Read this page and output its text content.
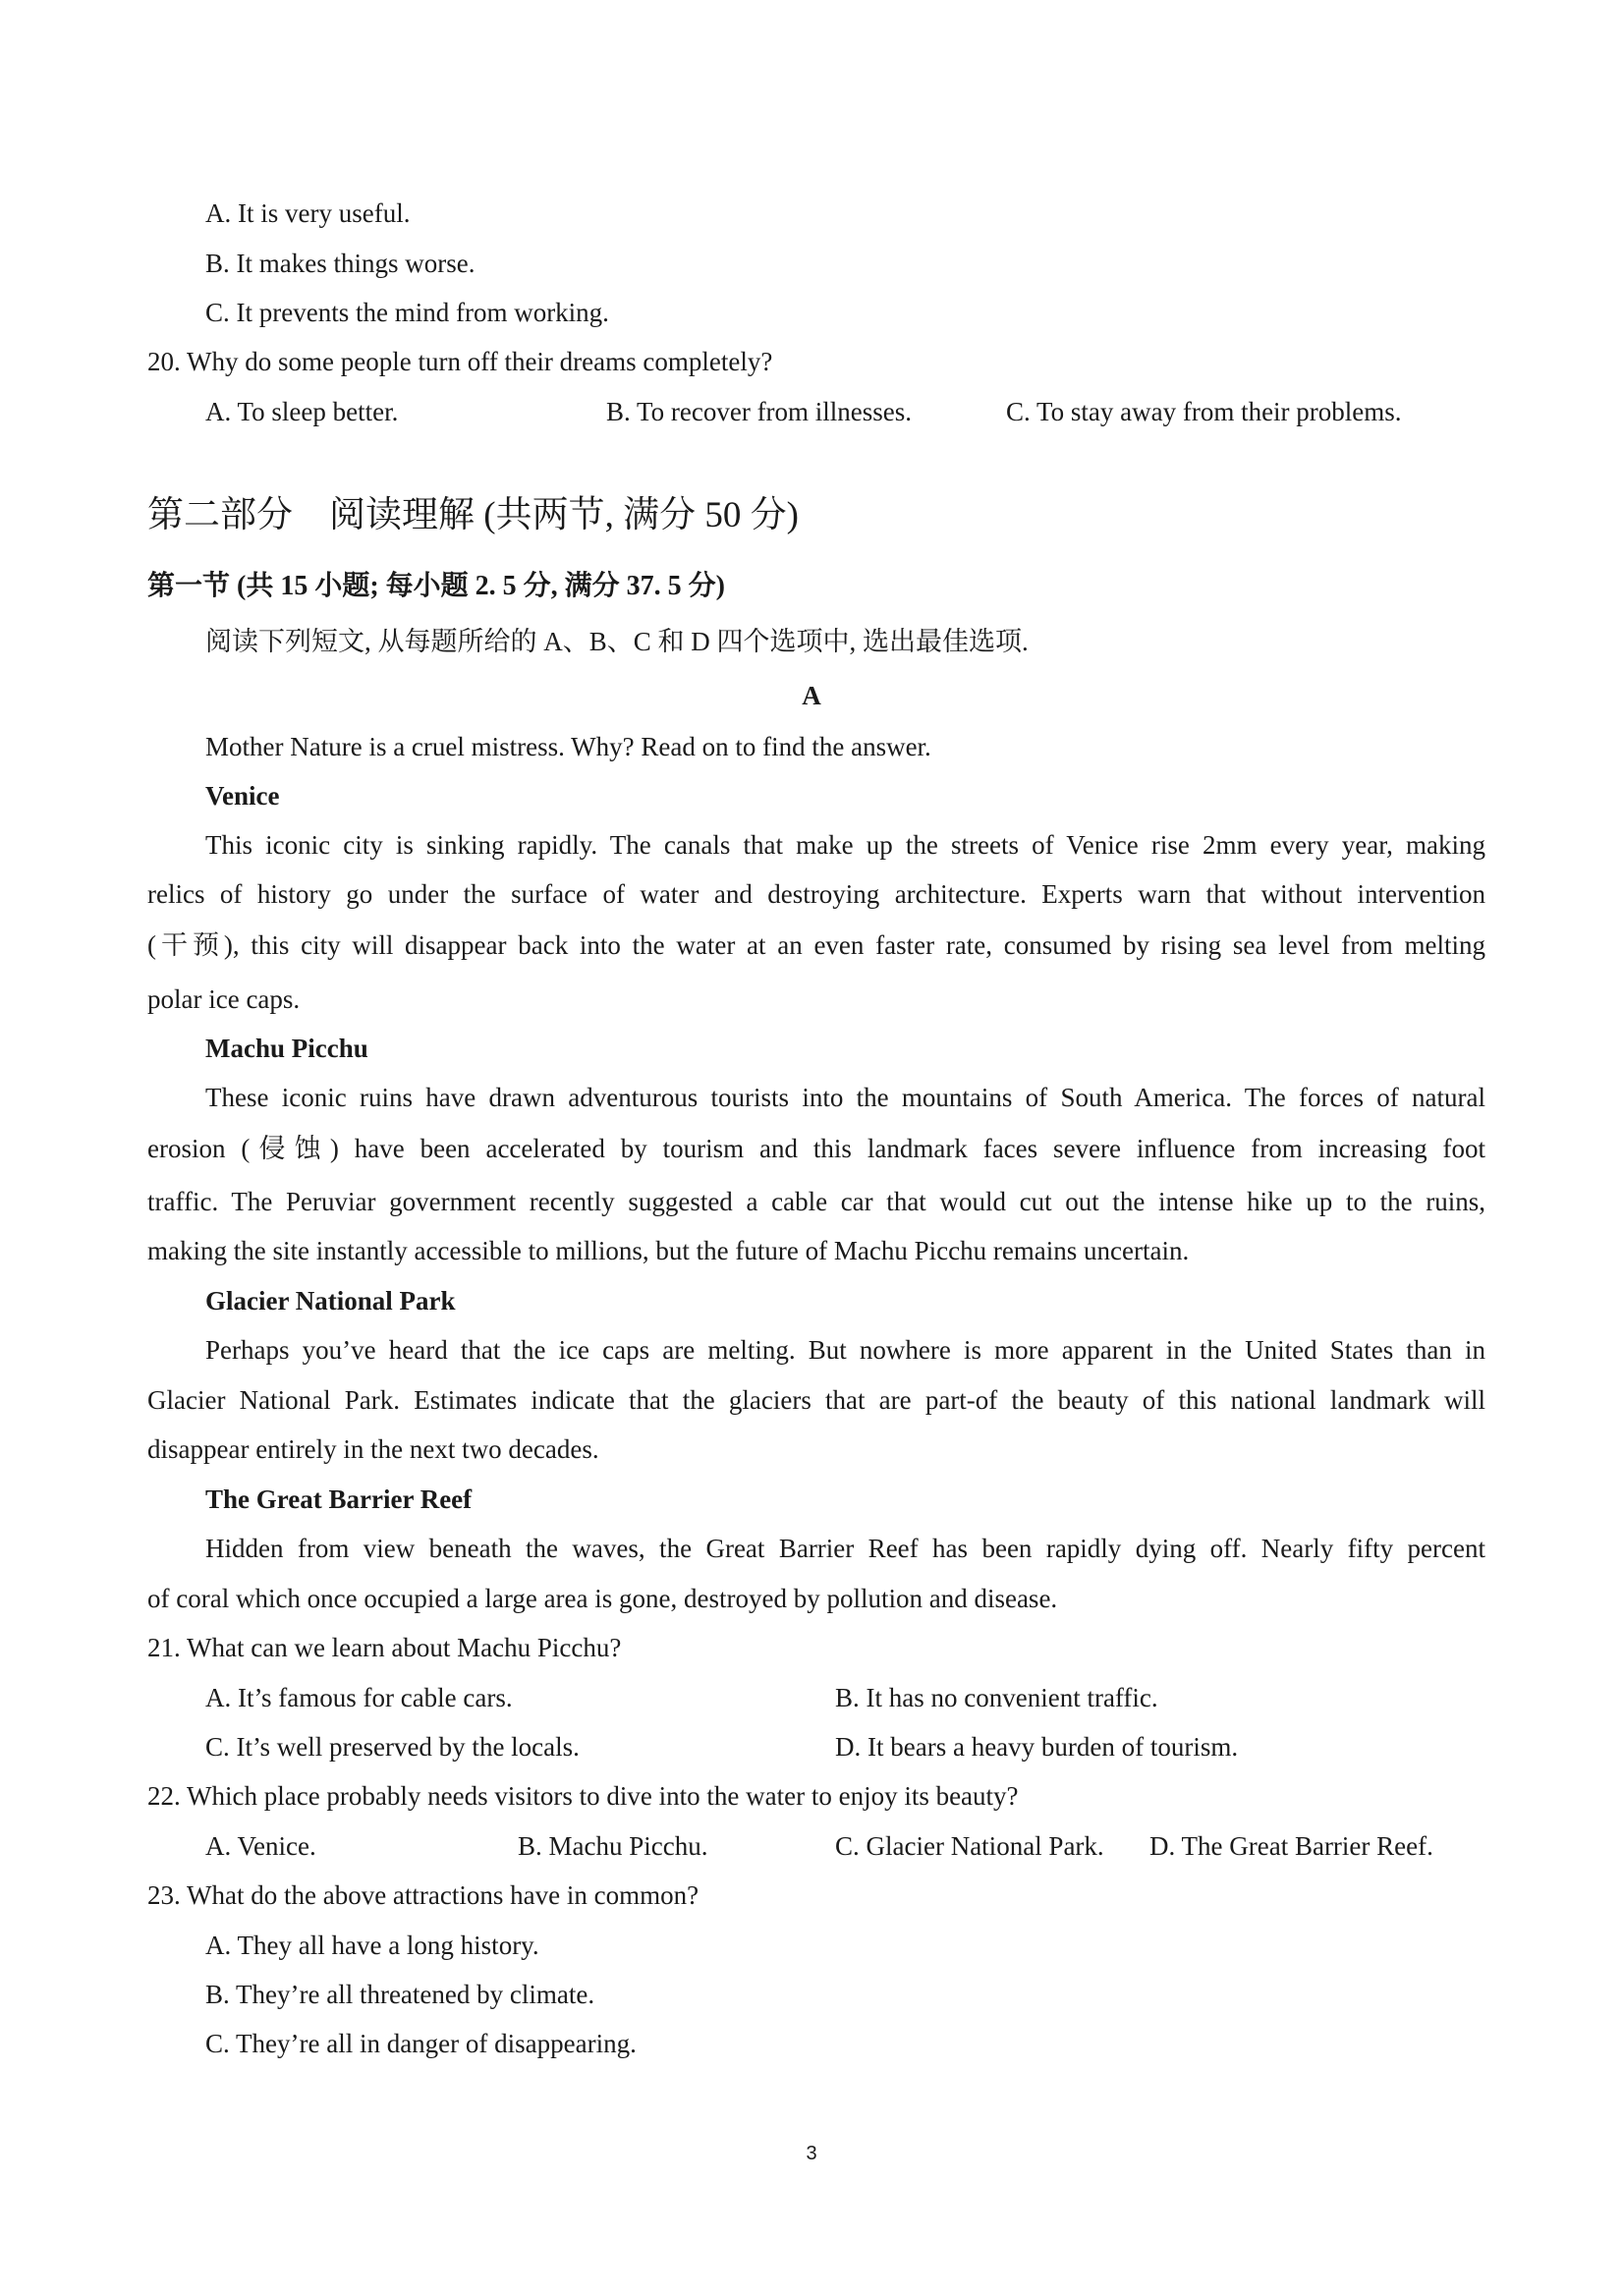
A. It is very useful.
B. It makes things worse.
C. It prevents the mind from working.
20. Why do some people turn off their dreams completely?
A. To sleep better.	B. To recover from illnesses.	C. To stay away from their problems.
第二部分　阅读理解 (共两节, 满分 50 分)
第一节 (共 15 小题; 每小题 2. 5 分, 满分 37. 5 分)
阅读下列短文, 从每题所给的 A、B、C 和 D 四个选项中, 选出最佳选项.
A
Mother Nature is a cruel mistress. Why? Read on to find the answer.
Venice
This iconic city is sinking rapidly. The canals that make up the streets of Venice rise 2mm every year, making
relics of history go under the surface of water and destroying architecture. Experts warn that without intervention
(干预), this city will disappear back into the water at an even faster rate, consumed by rising sea level from melting
polar ice caps.
Machu Picchu
These iconic ruins have drawn adventurous tourists into the mountains of South America. The forces of natural
erosion (侵蚀) have been accelerated by tourism and this landmark faces severe influence from increasing foot
traffic. The Peruviar government recently suggested a cable car that would cut out the intense hike up to the ruins,
making the site instantly accessible to millions, but the future of Machu Picchu remains uncertain.
Glacier National Park
Perhaps you’ve heard that the ice caps are melting. But nowhere is more apparent in the United States than in
Glacier National Park. Estimates indicate that the glaciers that are part-of the beauty of this national landmark will
disappear entirely in the next two decades.
The Great Barrier Reef
Hidden from view beneath the waves, the Great Barrier Reef has been rapidly dying off. Nearly fifty percent
of coral which once occupied a large area is gone, destroyed by pollution and disease.
21. What can we learn about Machu Picchu?
A. It’s famous for cable cars.	B. It has no convenient traffic.
C. It’s well preserved by the locals.	D. It bears a heavy burden of tourism.
22. Which place probably needs visitors to dive into the water to enjoy its beauty?
A. Venice.	B. Machu Picchu.	C. Glacier National Park. D. The Great Barrier Reef.
23. What do the above attractions have in common?
A. They all have a long history.
B. They’re all threatened by climate.
C. They’re all in danger of disappearing.
3
